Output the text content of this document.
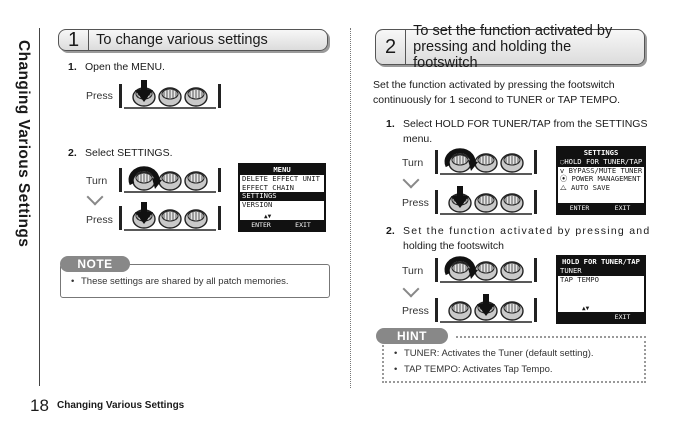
Changing Various Settings
1	To change various settings
1. Open the MENU.
Press
2. Select SETTINGS.
Turn
Press
MENU
DELETE EFFECT UNIT
EFFECT CHAIN
SETTINGS
VERSION
▲▼
ENTER	EXIT
NOTE
• These settings are shared by all patch memories.
2
To set the function activated by
pressing and holding the footswitch
Set the function activated by pressing the footswitch
continuously for 1 second to TUNER or TAP TEMPO.
1. Select HOLD FOR TUNER/TAP from the SETTINGS
menu.
Turn
Press
SETTINGS
◌HOLD FOR TUNER/TAP
ⅴ BYPASS/MUTE TUNER
⦿ POWER MANAGEMENT
⧍ AUTO SAVE
ENTER	EXIT
2. Set the function activated by pressing and
holding the footswitch
Turn
Press
HOLD FOR TUNER/TAP
TUNER
TAP TEMPO
▲▼
EXIT
HINT
• TUNER: Activates the Tuner (default setting).
• TAP TEMPO: Activates Tap Tempo.
18 Changing Various Settings
